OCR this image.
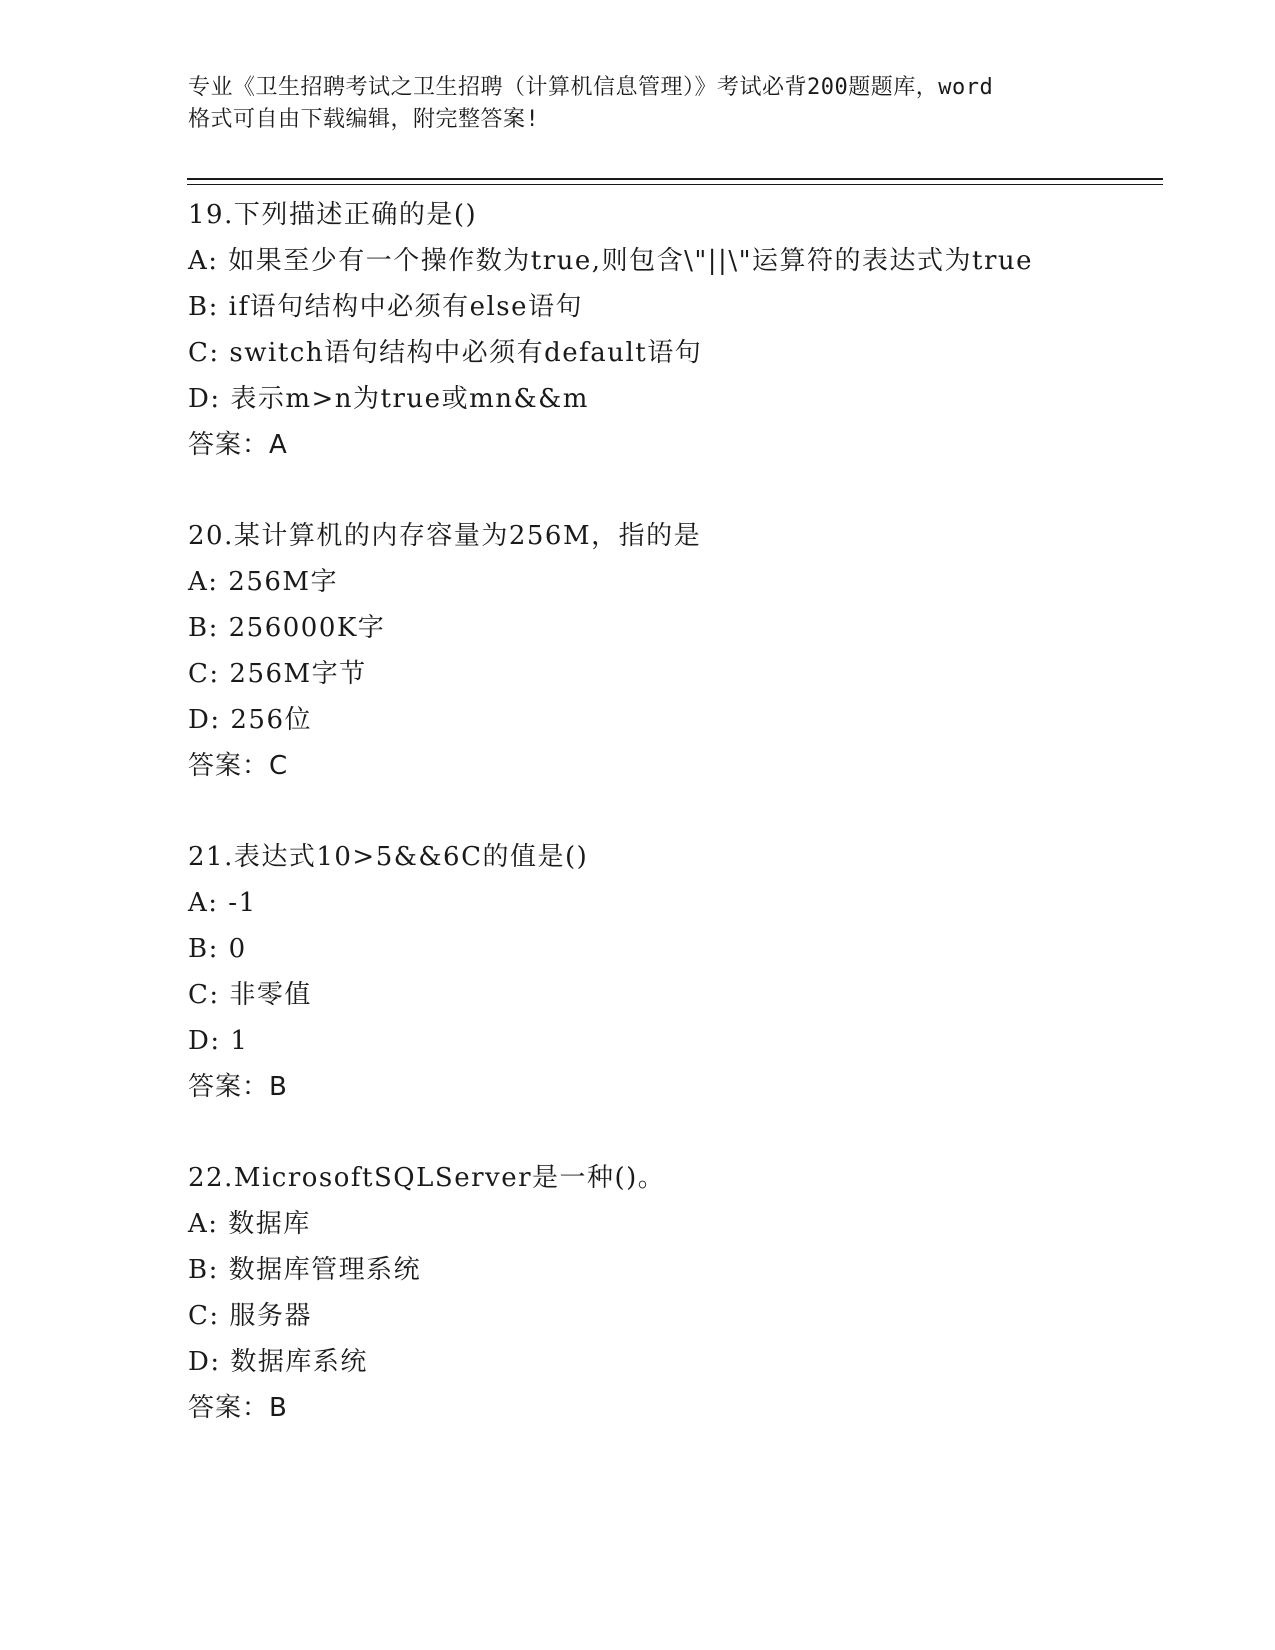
专业《卫生招聘考试之卫生招聘（计算机信息管理）》考试必背200题题库，word
格式可自由下载编辑，附完整答案!
19.下列描述正确的是()
A: 如果至少有一个操作数为true,则包含\"||\"运算符的表达式为true
B: if语句结构中必须有else语句
C: switch语句结构中必须有default语句
D: 表示m>n为true或mn&&m
答案：A
20.某计算机的内存容量为256M，指的是
A: 256M字
B: 256000K字
C: 256M字节
D: 256位
答案：C
21.表达式10>5&&6C的值是()
A: -1
B: 0
C: 非零值
D: 1
答案：B
22.MicrosoftSQLServer是一种()。
A: 数据库
B: 数据库管理系统
C: 服务器
D: 数据库系统
答案：B
